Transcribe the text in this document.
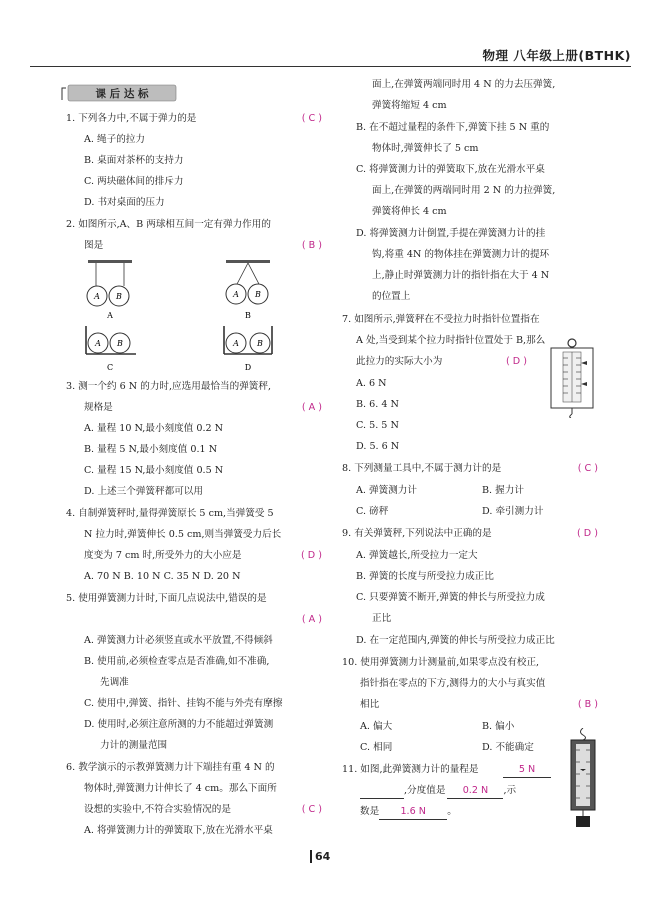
物理 八年级上册(BTHK)
课 后 达 标
1. 下列各力中,不属于弹力的是	( C )
A. 绳子的拉力
B. 桌面对茶杯的支持力
C. 两块磁体间的排斥力
D. 书对桌面的压力
2. 如图所示,A、B 两球相互间一定有弹力作用的
图是	( B )
3. 测一个约 6 N 的力时,应选用最恰当的弹簧秤,
规格是	( A )
A. 量程 10 N,最小刻度值 0.2 N
B. 量程 5 N,最小刻度值 0.1 N
C. 量程 15 N,最小刻度值 0.5 N
D. 上述三个弹簧秤都可以用
4. 自制弹簧秤时,量得弹簧原长 5 cm,当弹簧受 5
N 拉力时,弹簧伸长 0.5 cm,则当弹簧受力后长
度变为 7 cm 时,所受外力的大小应是	( D )
A. 70 N B. 10 N C. 35 N D. 20 N
5. 使用弹簧测力计时,下面几点说法中,错误的是
( A )
A. 弹簧测力计必须竖直或水平放置,不得倾斜
B. 使用前,必须检查零点是否准确,如不准确,
先调准
C. 使用中,弹簧、指针、挂钩不能与外壳有摩擦
D. 使用时,必须注意所测的力不能超过弹簧测
力计的测量范围
6. 教学演示的示教弹簧测力计下端挂有重 4 N 的
物体时,弹簧测力计伸长了 4 cm。那么下面所
设想的实验中,不符合实验情况的是	( C )
A. 将弹簧测力计的弹簧取下,放在光滑水平桌
面上,在弹簧两端同时用 4 N 的力去压弹簧,
弹簧将缩短 4 cm
B. 在不超过量程的条件下,弹簧下挂 5 N 重的
物体时,弹簧伸长了 5 cm
C. 将弹簧测力计的弹簧取下,放在光滑水平桌
面上,在弹簧的两端同时用 2 N 的力拉弹簧,
弹簧将伸长 4 cm
D. 将弹簧测力计倒置,手提在弹簧测力计的挂
钩,将重 4N 的物体挂在弹簧测力计的提环
上,静止时弹簧测力计的指针指在大于 4 N
的位置上
7. 如图所示,弹簧秤在不受拉力时指针位置指在
A 处,当受到某个拉力时指针位置处于 B,那么
此拉力的实际大小为	( D )
A. 6 N
B. 6. 4 N
C. 5. 5 N
D. 5. 6 N
8. 下列测量工具中,不属于测力计的是	( C )
A. 弹簧测力计	B. 握力计
C. 磅秤	D. 牵引测力计
9. 有关弹簧秤,下列说法中正确的是	( D )
A. 弹簧越长,所受拉力一定大
B. 弹簧的长度与所受拉力成正比
C. 只要弹簧不断开,弹簧的伸长与所受拉力成
正比
D. 在一定范围内,弹簧的伸长与所受拉力成正比
10. 使用弹簧测力计测量前,如果零点没有校正,
指针指在零点的下方,测得力的大小与真实值
相比	( B )
A. 偏大	B. 偏小
C. 相同	D. 不能确定
11. 如图,此弹簧测力计的量程是
A B
A
A B
B
A B
C
A B
D
5 N
,分度值是 0.2 N ,示
数是 1.6 N 。
64
